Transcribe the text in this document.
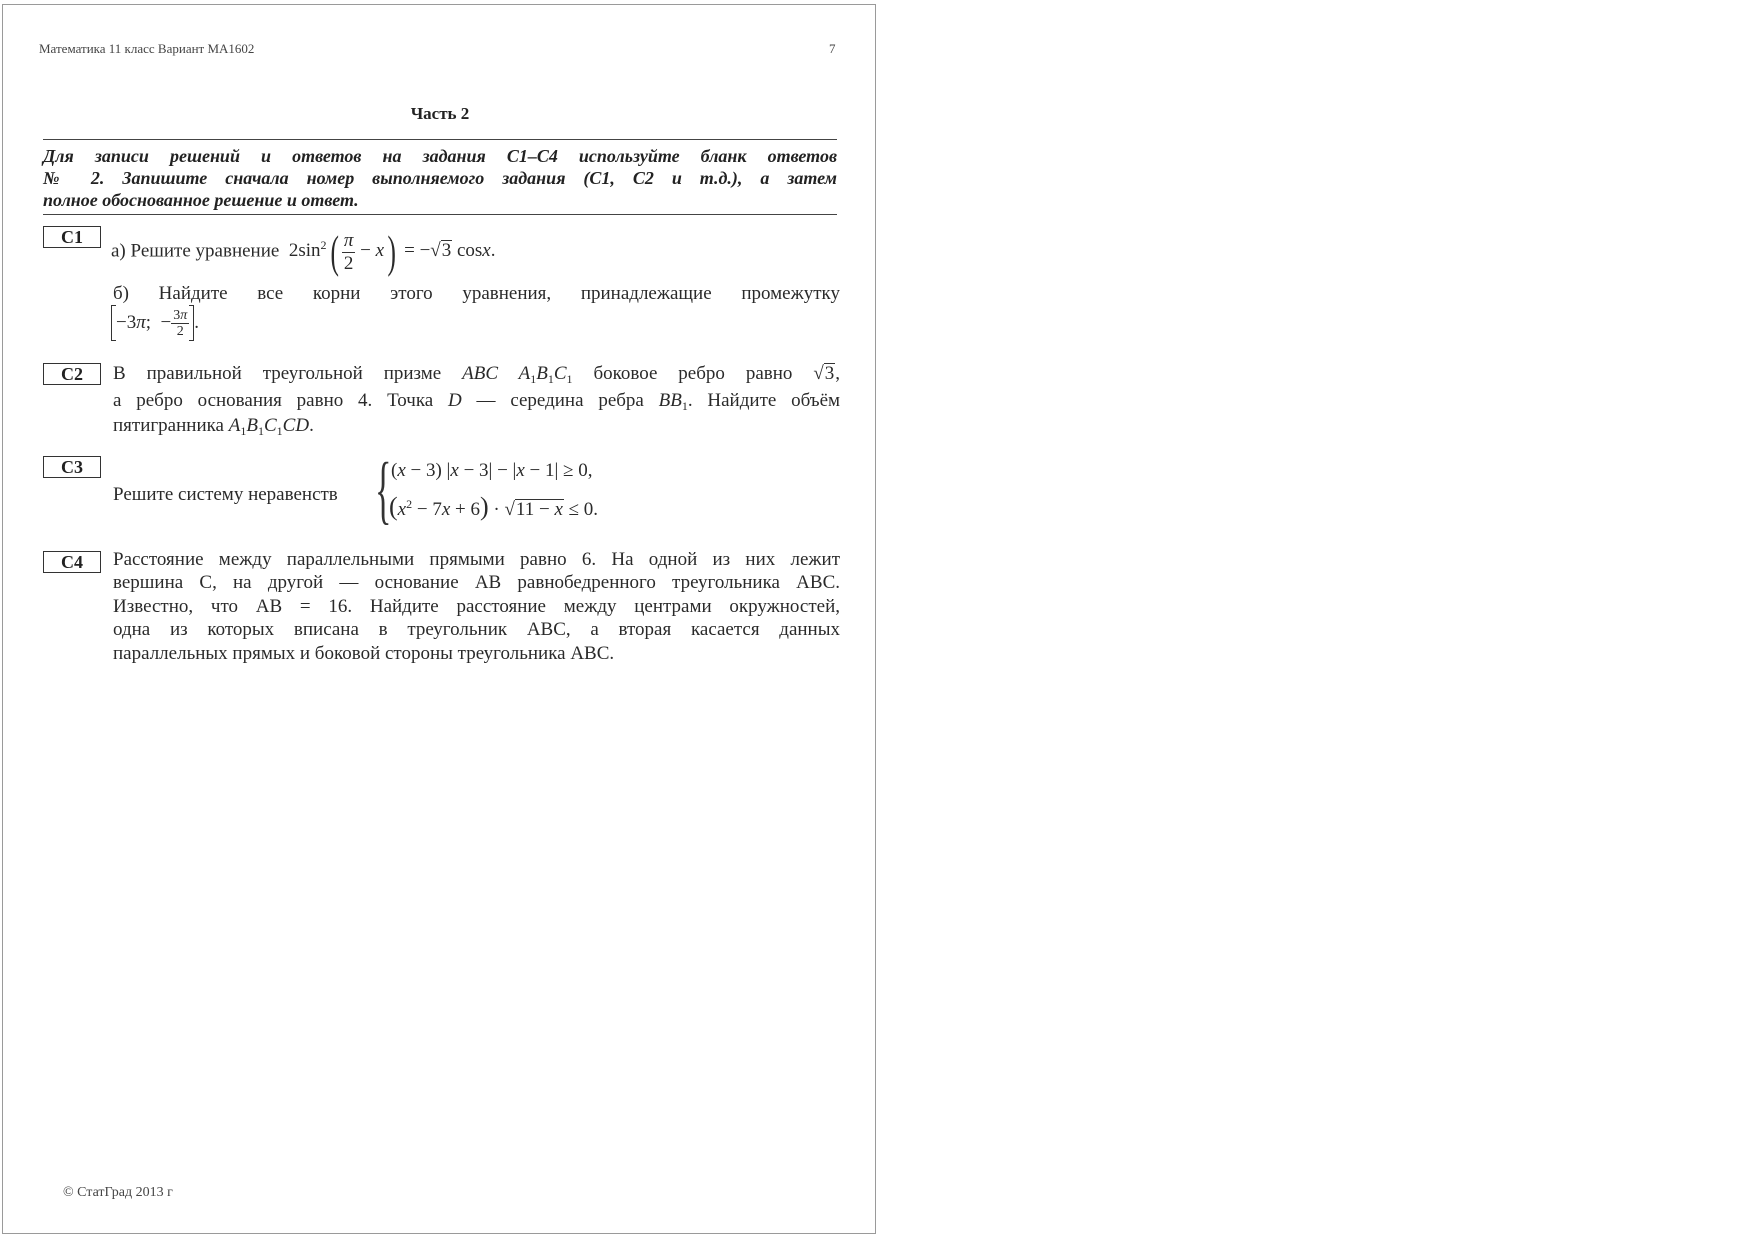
Математика 11 класс Вариант МА1602	7
Часть 2
Для записи решений и ответов на задания С1–С4 используйте бланк ответов
№ 2. Запишите сначала номер выполняемого задания (С1, С2 и т.д.), а затем
полное обоснованное решение и ответ.
C1
а) Решите уравнение  $2\sin^2( \frac{\pi}{2} - x) = -√3$ cosx.
б) Найдите все корни этого уравнения, принадлежащие промежутку
−3π;  − $\frac{3\pi}{2}$ .
C2	В правильной треугольной призме ABC $A_1B_1C_1$ боковое ребро равно √3,
а ребро основания равно 4. Точка D — середина ребра $BB_1$. Найдите объём
пятигранника $A_1B_1C_1CD$.
C3
Решите систему неравенств { (x − 3) |x − 3| − |x − 1| ≥ 0,
$(x^2 - 7x + 6) \cdot √11 - x \le 0$.
C4	Расстояние между параллельными прямыми равно 6. На одной из них лежит
вершина C, на другой — основание AB равнобедренного треугольника ABC.
Известно, что AB = 16. Найдите расстояние между центрами окружностей,
одна из которых вписана в треугольник ABC, а вторая касается данных
параллельных прямых и боковой стороны треугольника ABC.
© СтатГрад 2013 г
